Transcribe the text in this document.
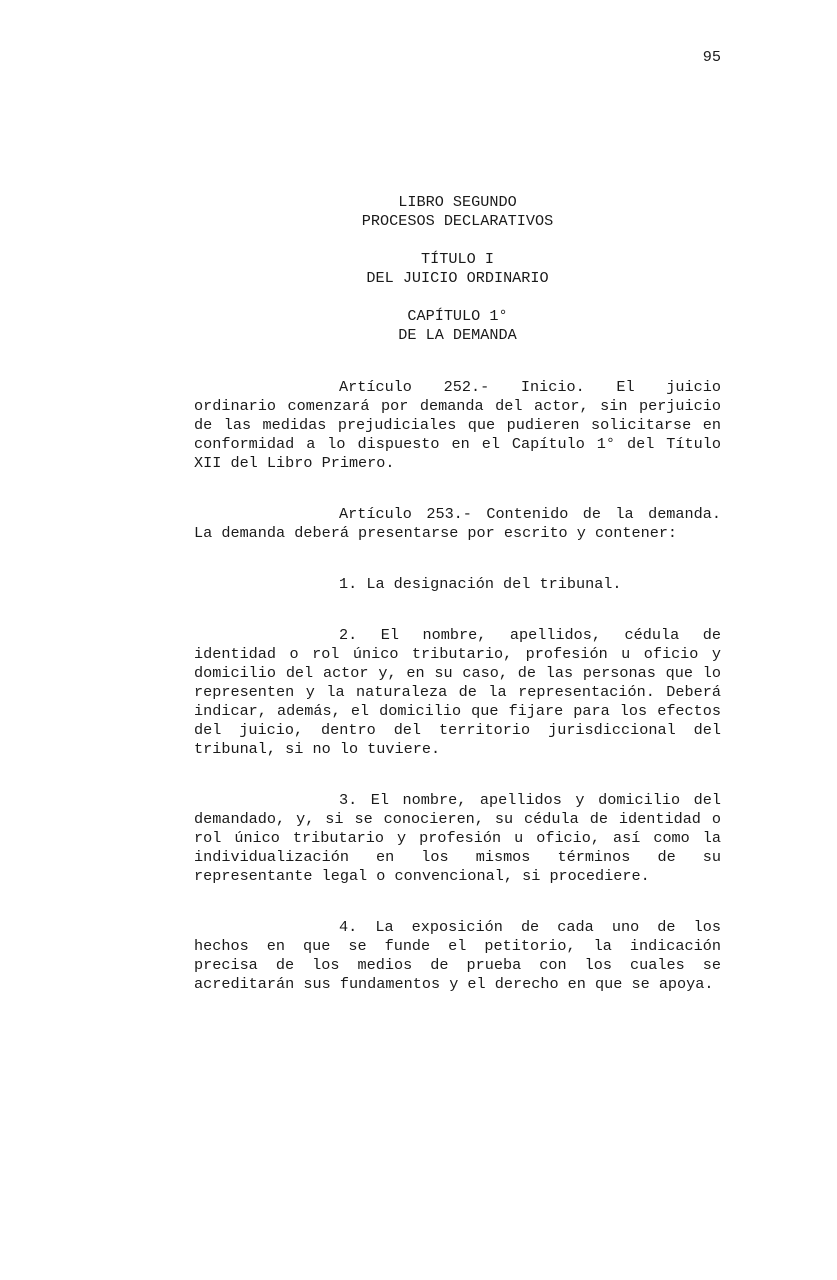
95

LIBRO SEGUNDO
PROCESOS DECLARATIVOS
TÍTULO I
DEL JUICIO ORDINARIO
CAPÍTULO 1°
DE LA DEMANDA

Artículo 252.- Inicio. El juicio ordinario comenzará por demanda del actor, sin perjuicio de las medidas prejudiciales que pudieren solicitarse en conformidad a lo dispuesto en el Capítulo 1° del Título XII del Libro Primero.

Artículo 253.- Contenido de la demanda. La demanda deberá presentarse por escrito y contener:

1. La designación del tribunal.

2. El nombre, apellidos, cédula de identidad o rol único tributario, profesión u oficio y domicilio del actor y, en su caso, de las personas que lo representen y la naturaleza de la representación. Deberá indicar, además, el domicilio que fijare para los efectos del juicio, dentro del territorio jurisdiccional del tribunal, si no lo tuviere.

3. El nombre, apellidos y domicilio del demandado, y, si se conocieren, su cédula de identidad o rol único tributario y profesión u oficio, así como la individualización en los mismos términos de su representante legal o convencional, si procediere.

4. La exposición de cada uno de los hechos en que se funde el petitorio, la indicación precisa de los medios de prueba con los cuales se acreditarán sus fundamentos y el derecho en que se apoya.
